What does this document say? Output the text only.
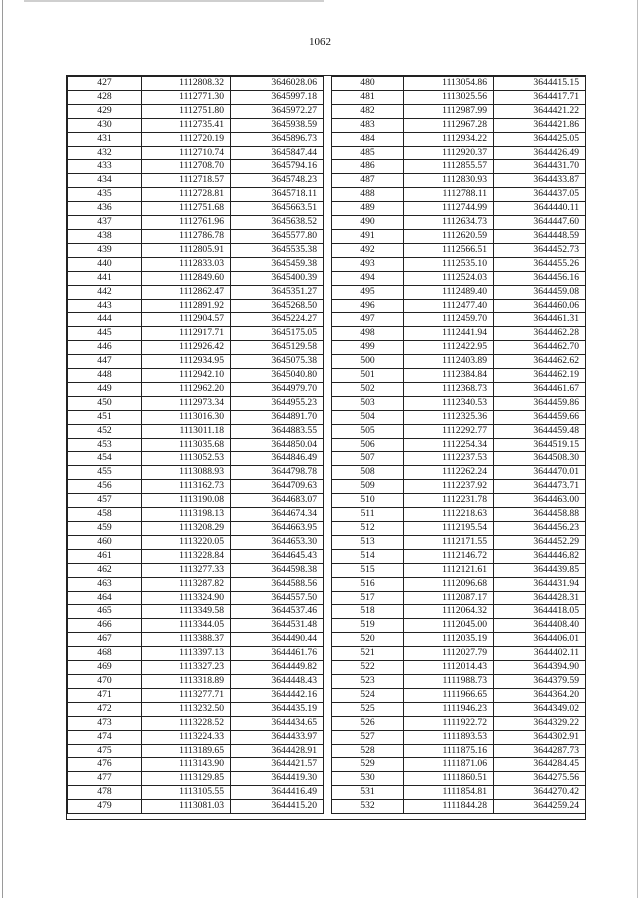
1062
427	1112808.32	3646028.06
428	1112771.30	3645997.18
429	1112751.80	3645972.27
430	1112735.41	3645938.59
431	1112720.19	3645896.73
432	1112710.74	3645847.44
433	1112708.70	3645794.16
434	1112718.57	3645748.23
435	1112728.81	3645718.11
436	1112751.68	3645663.51
437	1112761.96	3645638.52
438	1112786.78	3645577.80
439	1112805.91	3645535.38
440	1112833.03	3645459.38
441	1112849.60	3645400.39
442	1112862.47	3645351.27
443	1112891.92	3645268.50
444	1112904.57	3645224.27
445	1112917.71	3645175.05
446	1112926.42	3645129.58
447	1112934.95	3645075.38
448	1112942.10	3645040.80
449	1112962.20	3644979.70
450	1112973.34	3644955.23
451	1113016.30	3644891.70
452	1113011.18	3644883.55
453	1113035.68	3644850.04
454	1113052.53	3644846.49
455	1113088.93	3644798.78
456	1113162.73	3644709.63
457	1113190.08	3644683.07
458	1113198.13	3644674.34
459	1113208.29	3644663.95
460	1113220.05	3644653.30
461	1113228.84	3644645.43
462	1113277.33	3644598.38
463	1113287.82	3644588.56
464	1113324.90	3644557.50
465	1113349.58	3644537.46
466	1113344.05	3644531.48
467	1113388.37	3644490.44
468	1113397.13	3644461.76
469	1113327.23	3644449.82
470	1113318.89	3644448.43
471	1113277.71	3644442.16
472	1113232.50	3644435.19
473	1113228.52	3644434.65
474	1113224.33	3644433.97
475	1113189.65	3644428.91
476	1113143.90	3644421.57
477	1113129.85	3644419.30
478	1113105.55	3644416.49
479	1113081.03	3644415.20
480	1113054.86	3644415.15
481	1113025.56	3644417.71
482	1112987.99	3644421.22
483	1112967.28	3644421.86
484	1112934.22	3644425.05
485	1112920.37	3644426.49
486	1112855.57	3644431.70
487	1112830.93	3644433.87
488	1112788.11	3644437.05
489	1112744.99	3644440.11
490	1112634.73	3644447.60
491	1112620.59	3644448.59
492	1112566.51	3644452.73
493	1112535.10	3644455.26
494	1112524.03	3644456.16
495	1112489.40	3644459.08
496	1112477.40	3644460.06
497	1112459.70	3644461.31
498	1112441.94	3644462.28
499	1112422.95	3644462.70
500	1112403.89	3644462.62
501	1112384.84	3644462.19
502	1112368.73	3644461.67
503	1112340.53	3644459.86
504	1112325.36	3644459.66
505	1112292.77	3644459.48
506	1112254.34	3644519.15
507	1112237.53	3644508.30
508	1112262.24	3644470.01
509	1112237.92	3644473.71
510	1112231.78	3644463.00
511	1112218.63	3644458.88
512	1112195.54	3644456.23
513	1112171.55	3644452.29
514	1112146.72	3644446.82
515	1112121.61	3644439.85
516	1112096.68	3644431.94
517	1112087.17	3644428.31
518	1112064.32	3644418.05
519	1112045.00	3644408.40
520	1112035.19	3644406.01
521	1112027.79	3644402.11
522	1112014.43	3644394.90
523	1111988.73	3644379.59
524	1111966.65	3644364.20
525	1111946.23	3644349.02
526	1111922.72	3644329.22
527	1111893.53	3644302.91
528	1111875.16	3644287.73
529	1111871.06	3644284.45
530	1111860.51	3644275.56
531	1111854.81	3644270.42
532	1111844.28	3644259.24
